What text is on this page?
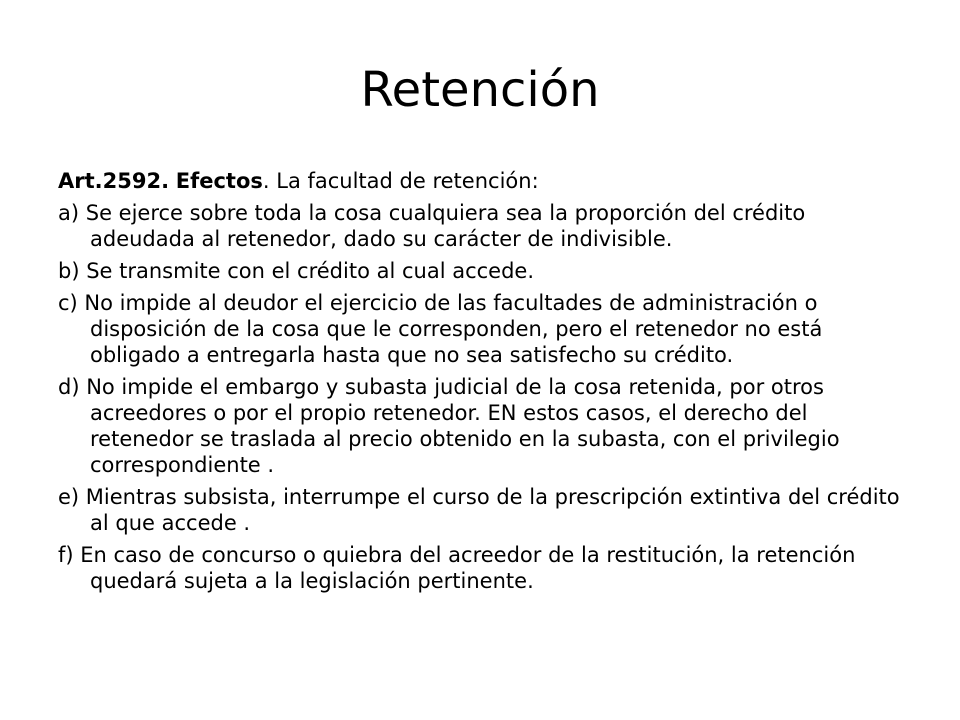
Retención

Art.2592. Efectos. La facultad de retención:

a) Se ejerce sobre toda la cosa cualquiera sea la proporción del crédito adeudada al retenedor, dado su carácter de indivisible.

b) Se transmite con el crédito al cual accede.

c) No impide al deudor el ejercicio de las facultades de administración o disposición de la cosa que le corresponden, pero el retenedor no está obligado a entregarla hasta que no sea satisfecho su crédito.

d) No impide el embargo y subasta judicial de la cosa retenida, por otros acreedores o por el propio retenedor. EN estos casos, el derecho del retenedor se traslada al precio obtenido en la subasta, con el privilegio correspondiente .

e) Mientras subsista, interrumpe el curso de la prescripción extintiva del crédito al que accede .

f) En caso de concurso o quiebra del acreedor de la restitución, la retención quedará sujeta a la legislación pertinente.
